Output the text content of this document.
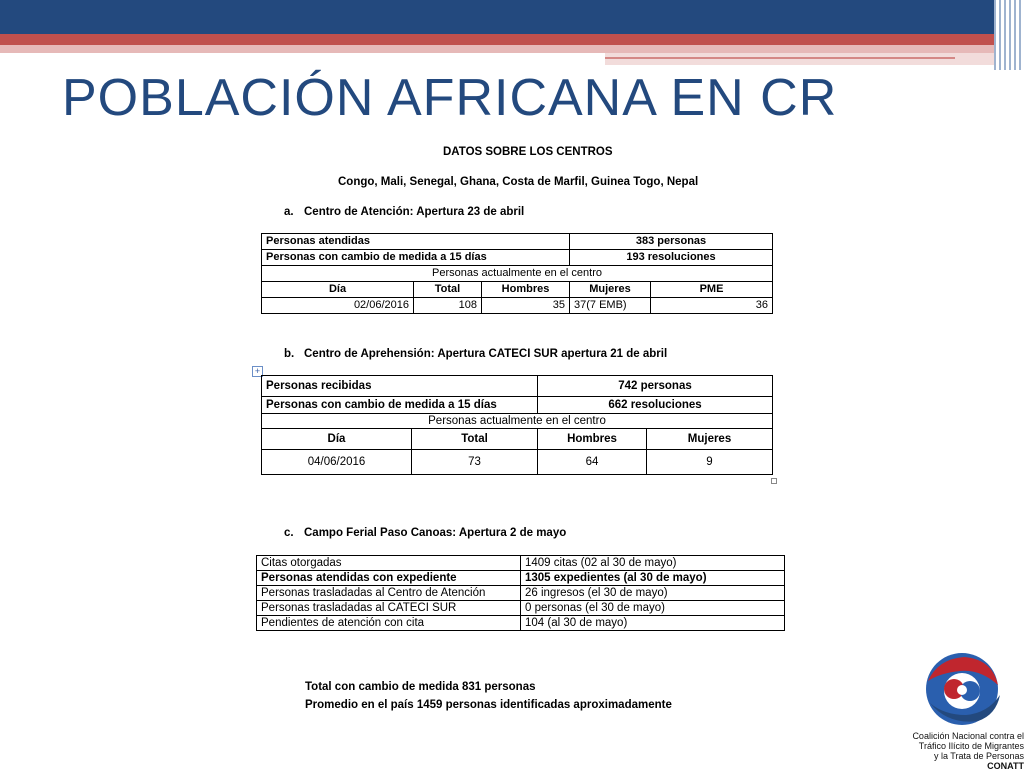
POBLACIÓN AFRICANA EN CR
DATOS SOBRE LOS CENTROS
Congo, Mali, Senegal, Ghana, Costa de Marfil, Guinea Togo, Nepal
a. Centro de Atención: Apertura 23 de abril
Personas atendidas			383 personas	
Personas con cambio de medida a 15 días			193 resoluciones	
Personas actualmente en el centro				
Día	Total	Hombres	Mujeres	PME
02/06/2016	108	35	37(7 EMB)	36
b. Centro de Aprehensión: Apertura CATECI SUR apertura 21 de abril
+
Personas recibidas		742 personas	
Personas con cambio de medida a 15 días		662 resoluciones	
Personas actualmente en el centro			
Día	Total	Hombres	Mujeres
04/06/2016	73	64	9
c. Campo Ferial Paso Canoas: Apertura 2 de mayo
Citas otorgadas	1409 citas (02 al 30 de mayo)
Personas atendidas con expediente	1305 expedientes (al 30 de mayo)
Personas trasladadas al Centro de Atención	26 ingresos (el 30 de mayo)
Personas trasladadas al CATECI SUR	0 personas (el 30 de mayo)
Pendientes de atención con cita	104 (al 30 de mayo)
Total con cambio de medida 831 personas
Promedio en el país 1459 personas identificadas aproximadamente
Coalición Nacional contra el
Tráfico Ilícito de Migrantes
y la Trata de Personas
CONATT
